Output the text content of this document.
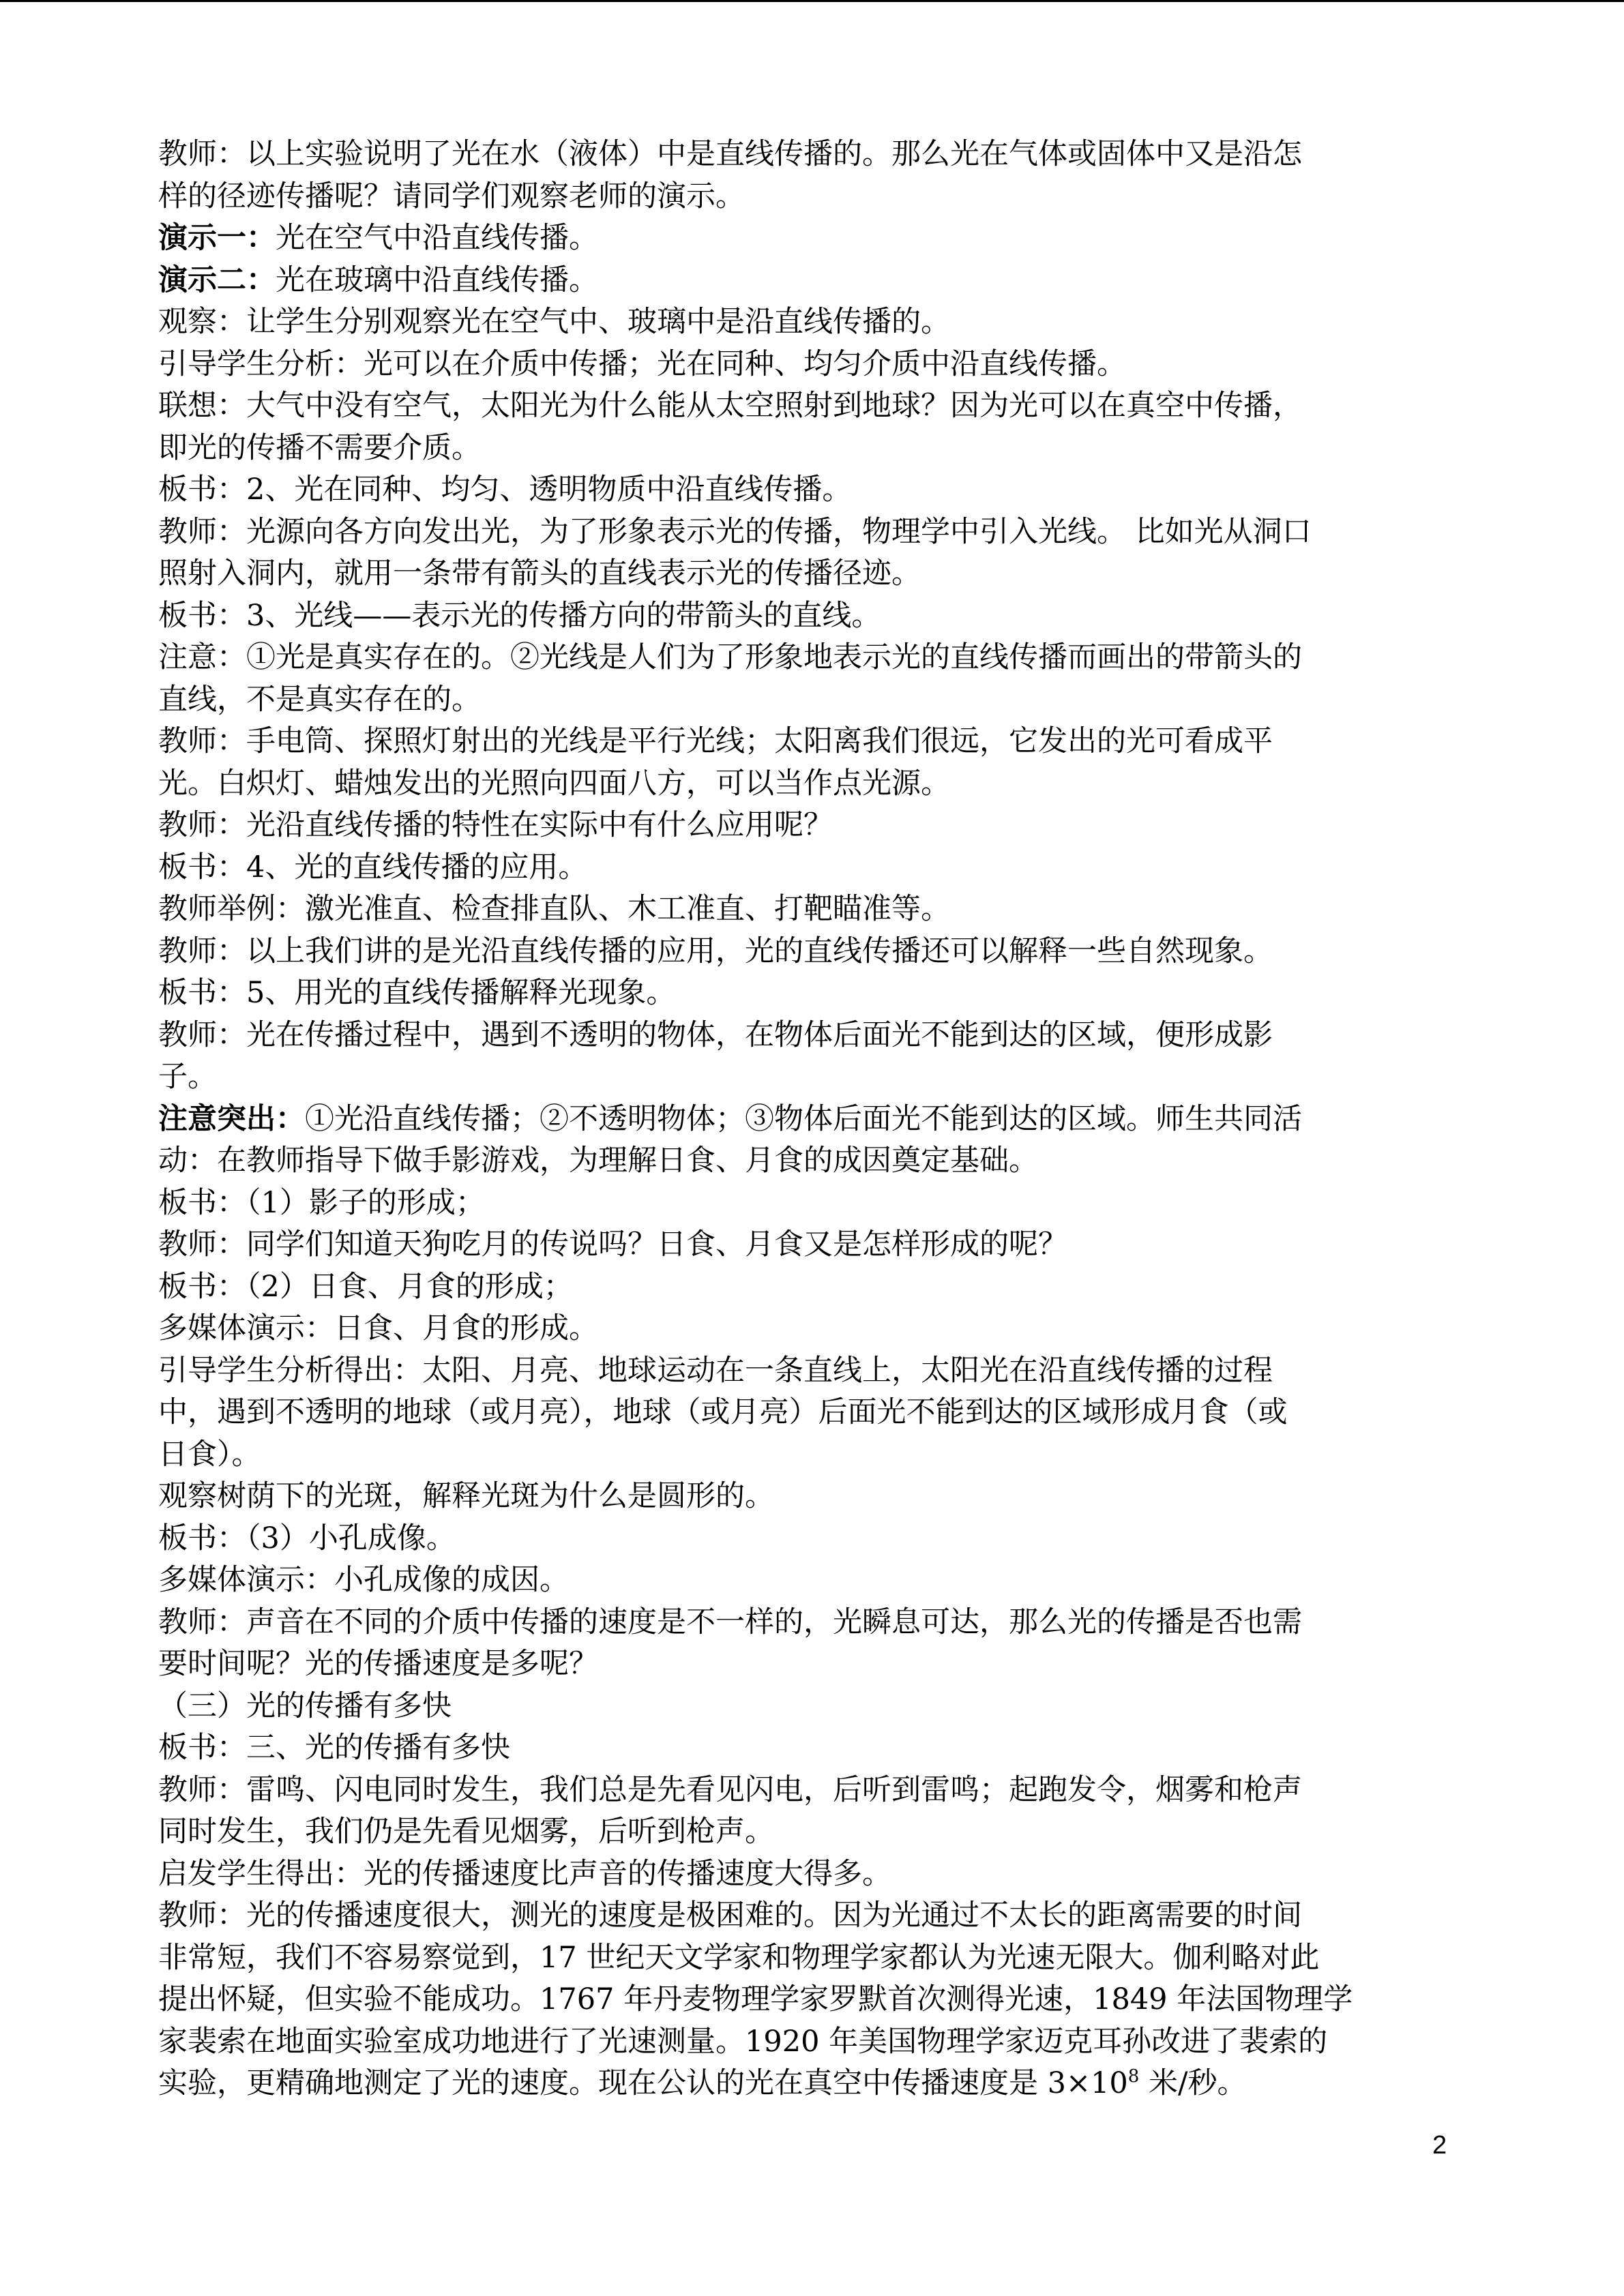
教师：以上实验说明了光在水（液体）中是直线传播的。那么光在气体或固体中又是沿怎

样的径迹传播呢？请同学们观察老师的演示。

演示一：光在空气中沿直线传播。

演示二：光在玻璃中沿直线传播。

观察：让学生分别观察光在空气中、玻璃中是沿直线传播的。

引导学生分析：光可以在介质中传播；光在同种、均匀介质中沿直线传播。

联想：大气中没有空气，太阳光为什么能从太空照射到地球？因为光可以在真空中传播，

即光的传播不需要介质。

板书：2、光在同种、均匀、透明物质中沿直线传播。

教师：光源向各方向发出光，为了形象表示光的传播，物理学中引入光线。 比如光从洞口

照射入洞内，就用一条带有箭头的直线表示光的传播径迹。

板书：3、光线——表示光的传播方向的带箭头的直线。

注意：①光是真实存在的。②光线是人们为了形象地表示光的直线传播而画出的带箭头的

直线，不是真实存在的。

教师：手电筒、探照灯射出的光线是平行光线；太阳离我们很远，它发出的光可看成平

光。白炽灯、蜡烛发出的光照向四面八方，可以当作点光源。

教师：光沿直线传播的特性在实际中有什么应用呢？

板书：4、光的直线传播的应用。

教师举例：激光准直、检查排直队、木工准直、打靶瞄准等。

教师：以上我们讲的是光沿直线传播的应用，光的直线传播还可以解释一些自然现象。

板书：5、用光的直线传播解释光现象。

教师：光在传播过程中，遇到不透明的物体，在物体后面光不能到达的区域，便形成影

子。

注意突出：①光沿直线传播；②不透明物体；③物体后面光不能到达的区域。师生共同活

动：在教师指导下做手影游戏，为理解日食、月食的成因奠定基础。

板书：（1）影子的形成；

教师：同学们知道天狗吃月的传说吗？日食、月食又是怎样形成的呢？

板书：（2）日食、月食的形成；

多媒体演示：日食、月食的形成。

引导学生分析得出：太阳、月亮、地球运动在一条直线上，太阳光在沿直线传播的过程

中，遇到不透明的地球（或月亮），地球（或月亮）后面光不能到达的区域形成月食（或

日食）。

观察树荫下的光斑，解释光斑为什么是圆形的。

板书：（3）小孔成像。

多媒体演示：小孔成像的成因。

教师：声音在不同的介质中传播的速度是不一样的，光瞬息可达，那么光的传播是否也需

要时间呢？光的传播速度是多呢？

（三）光的传播有多快

板书：三、光的传播有多快

教师：雷鸣、闪电同时发生，我们总是先看见闪电，后听到雷鸣；起跑发令，烟雾和枪声

同时发生，我们仍是先看见烟雾，后听到枪声。

启发学生得出：光的传播速度比声音的传播速度大得多。

教师：光的传播速度很大，测光的速度是极困难的。因为光通过不太长的距离需要的时间

非常短，我们不容易察觉到，17 世纪天文学家和物理学家都认为光速无限大。伽利略对此

提出怀疑，但实验不能成功。1767 年丹麦物理学家罗默首次测得光速，1849 年法国物理学

家裴索在地面实验室成功地进行了光速测量。1920 年美国物理学家迈克耳孙改进了裴索的

实验，更精确地测定了光的速度。现在公认的光在真空中传播速度是 $3\times 10^8$ 米/秒。

2
